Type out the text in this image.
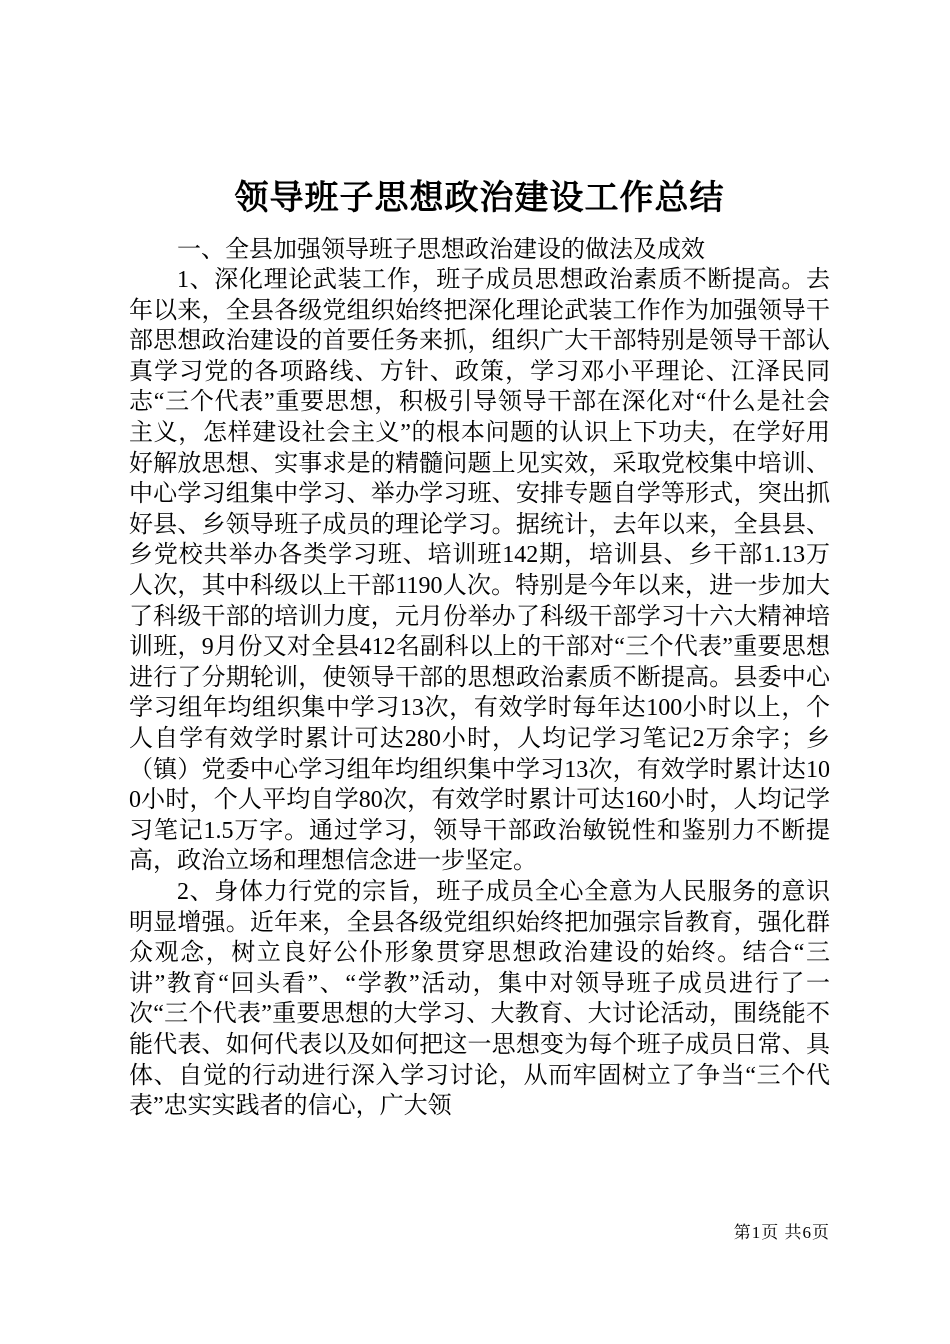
领导班子思想政治建设工作总结

一、全县加强领导班子思想政治建设的做法及成效

1、深化理论武装工作，班子成员思想政治素质不断提高。去年以来，全县各级党组织始终把深化理论武装工作作为加强领导干部思想政治建设的首要任务来抓，组织广大干部特别是领导干部认真学习党的各项路线、方针、政策，学习邓小平理论、江泽民同志“三个代表”重要思想，积极引导领导干部在深化对“什么是社会主义，怎样建设社会主义”的根本问题的认识上下功夫，在学好用好解放思想、实事求是的精髓问题上见实效，采取党校集中培训、中心学习组集中学习、举办学习班、安排专题自学等形式，突出抓好县、乡领导班子成员的理论学习。据统计，去年以来，全县县、乡党校共举办各类学习班、培训班142期，培训县、乡干部1.13万人次，其中科级以上干部1190人次。特别是今年以来，进一步加大了科级干部的培训力度，元月份举办了科级干部学习十六大精神培训班，9月份又对全县412名副科以上的干部对“三个代表”重要思想进行了分期轮训，使领导干部的思想政治素质不断提高。县委中心学习组年均组织集中学习13次，有效学时每年达100小时以上，个人自学有效学时累计可达280小时，人均记学习笔记2万余字；乡（镇）党委中心学习组年均组织集中学习13次，有效学时累计达100小时，个人平均自学80次，有效学时累计可达160小时，人均记学习笔记1.5万字。通过学习，领导干部政治敏锐性和鉴别力不断提高，政治立场和理想信念进一步坚定。

2、身体力行党的宗旨，班子成员全心全意为人民服务的意识明显增强。近年来，全县各级党组织始终把加强宗旨教育，强化群众观念，树立良好公仆形象贯穿思想政治建设的始终。结合“三讲”教育“回头看”、“学教”活动，集中对领导班子成员进行了一次“三个代表”重要思想的大学习、大教育、大讨论活动，围绕能不能代表、如何代表以及如何把这一思想变为每个班子成员日常、具体、自觉的行动进行深入学习讨论，从而牢固树立了争当“三个代表”忠实实践者的信心，广大领

第1页 共6页
